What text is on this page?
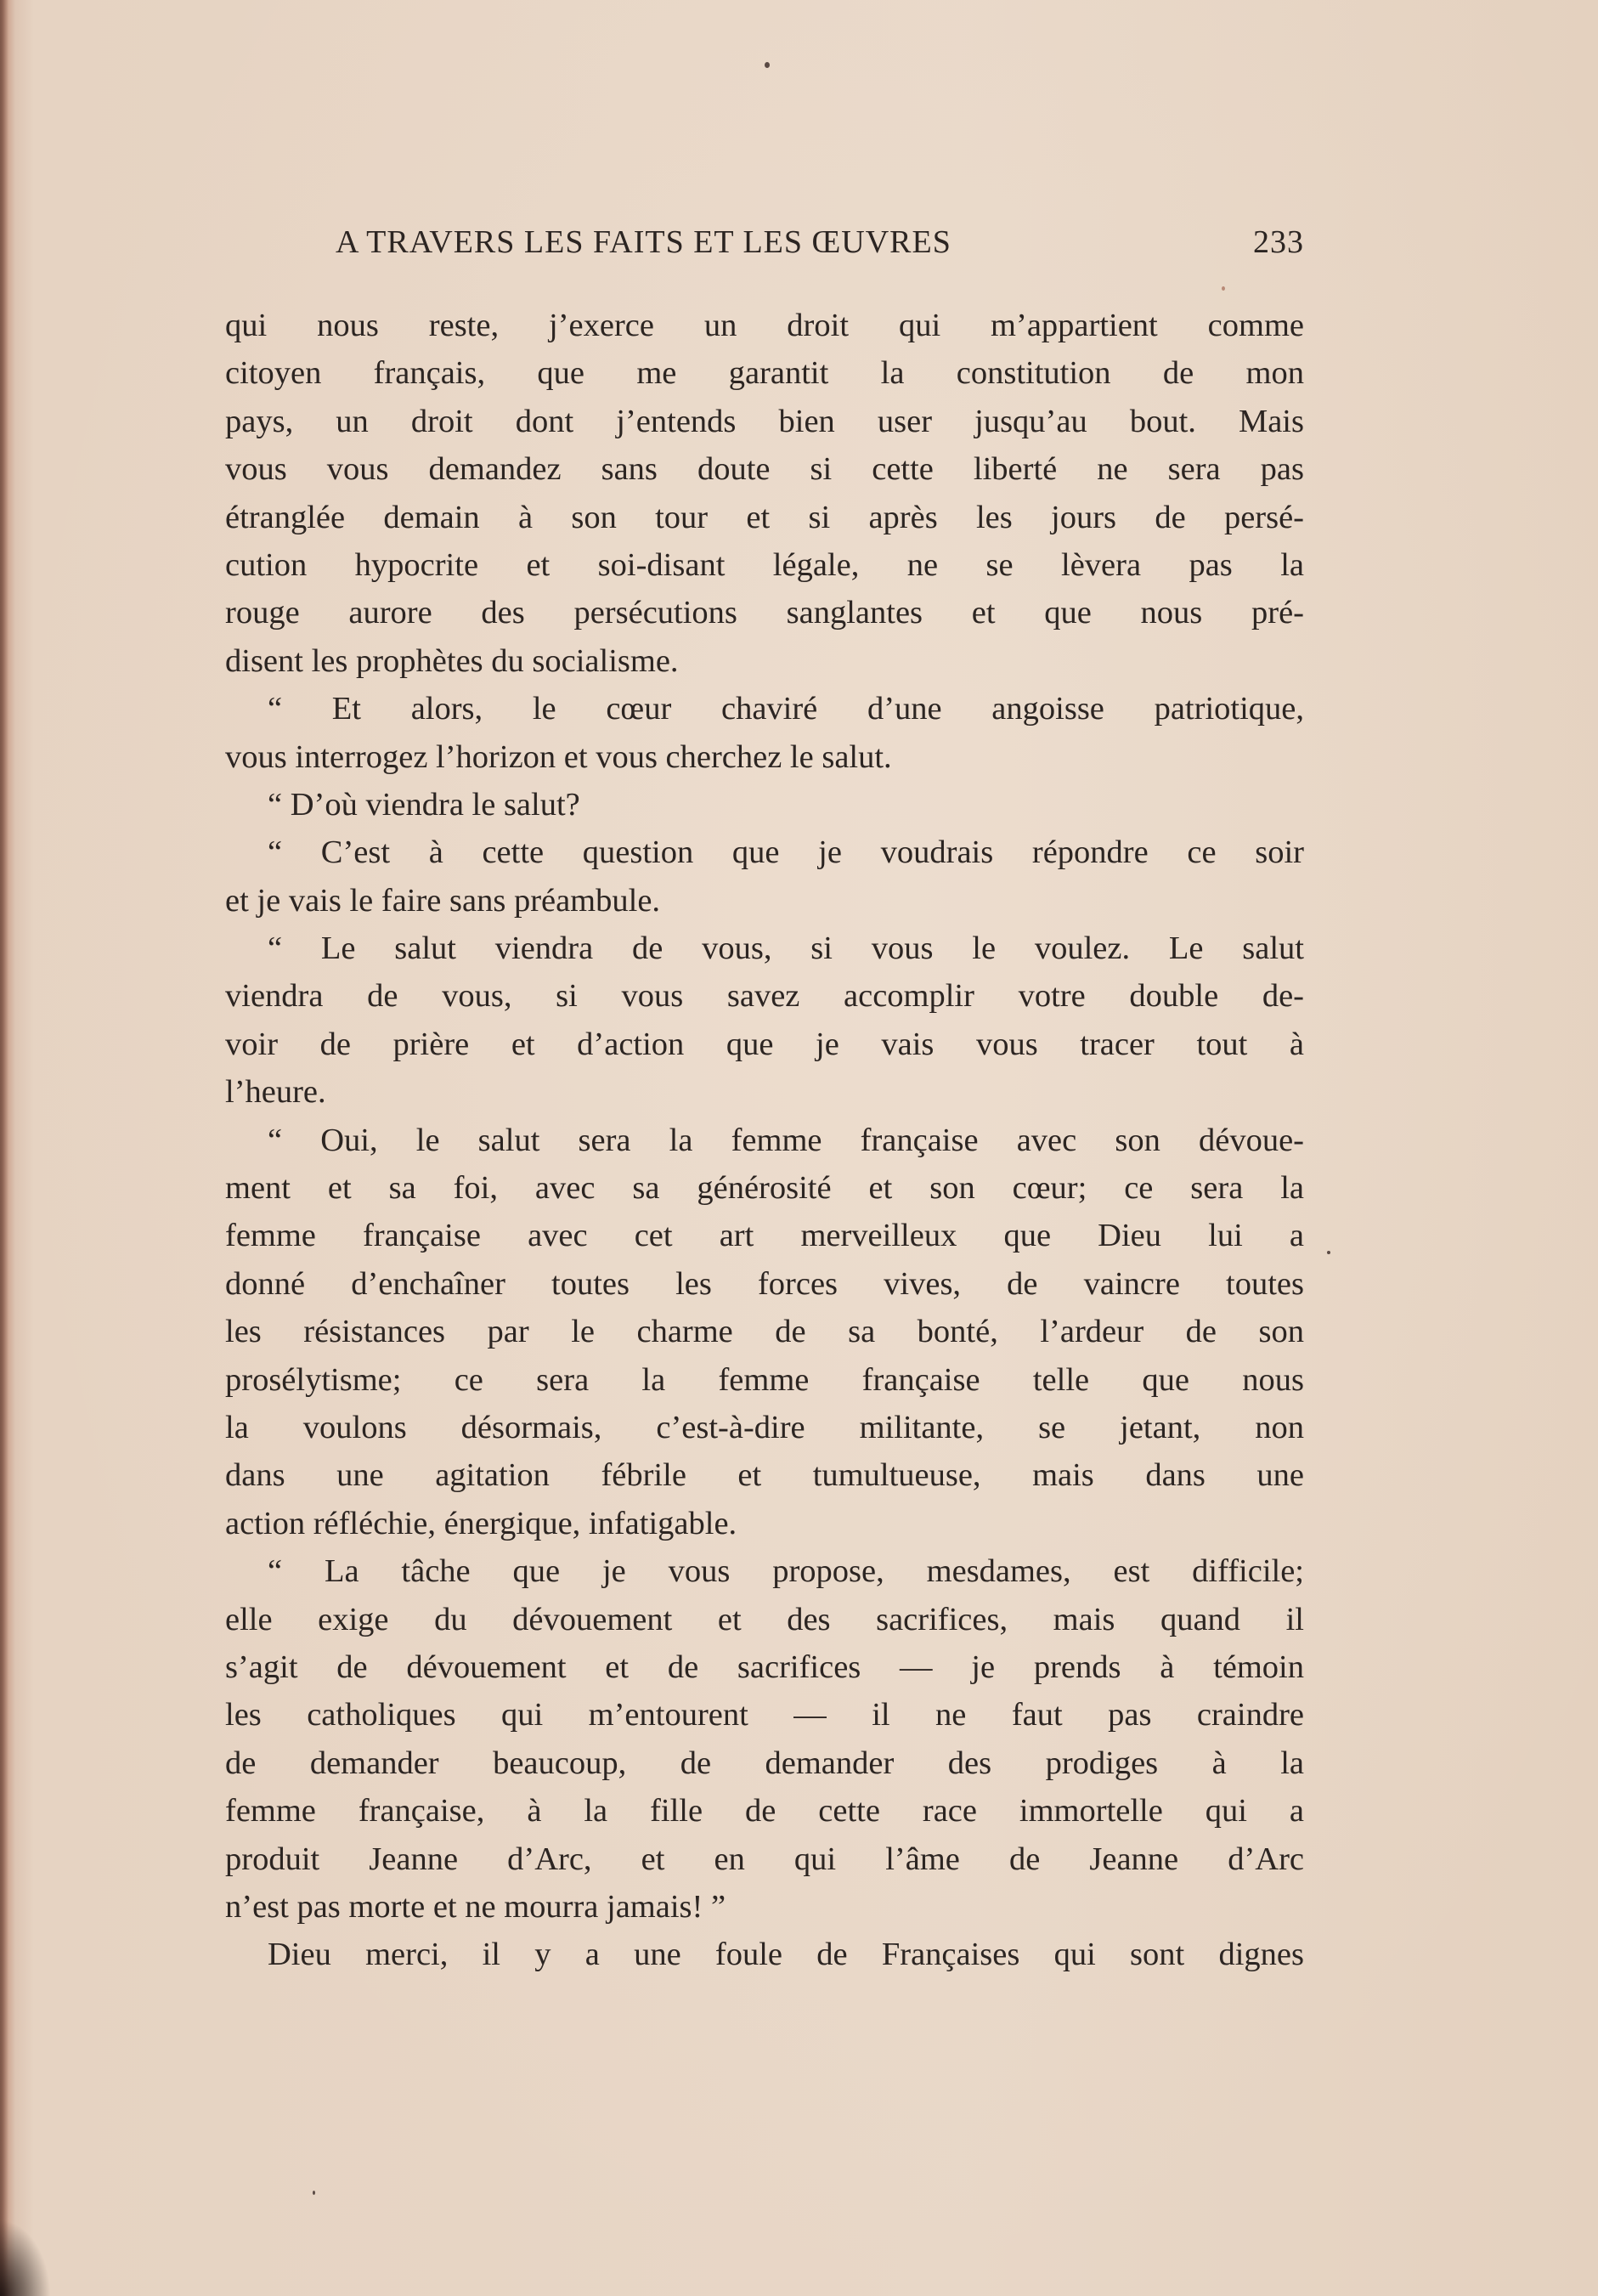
A TRAVERS LES FAITS ET LES ŒUVRES	233
qui nous reste, j’exerce un droit qui m’appartient comme
citoyen français, que me garantit la constitution de mon
pays, un droit dont j’entends bien user jusqu’au bout. Mais
vous vous demandez sans doute si cette liberté ne sera pas
étranglée demain à son tour et si après les jours de persé-
cution hypocrite et soi-disant légale, ne se lèvera pas la
rouge aurore des persécutions sanglantes et que nous pré-
disent les prophètes du socialisme.
“ Et alors, le cœur chaviré d’une angoisse patriotique,
vous interrogez l’horizon et vous cherchez le salut.
“ D’où viendra le salut?
“ C’est à cette question que je voudrais répondre ce soir
et je vais le faire sans préambule.
“ Le salut viendra de vous, si vous le voulez. Le salut
viendra de vous, si vous savez accomplir votre double de-
voir de prière et d’action que je vais vous tracer tout à
l’heure.
“ Oui, le salut sera la femme française avec son dévoue-
ment et sa foi, avec sa générosité et son cœur; ce sera la
femme française avec cet art merveilleux que Dieu lui a
donné d’enchaîner toutes les forces vives, de vaincre toutes
les résistances par le charme de sa bonté, l’ardeur de son
prosélytisme; ce sera la femme française telle que nous
la voulons désormais, c’est-à-dire militante, se jetant, non
dans une agitation fébrile et tumultueuse, mais dans une
action réfléchie, énergique, infatigable.
“ La tâche que je vous propose, mesdames, est difficile;
elle exige du dévouement et des sacrifices, mais quand il
s’agit de dévouement et de sacrifices — je prends à témoin
les catholiques qui m’entourent — il ne faut pas craindre
de demander beaucoup, de demander des prodiges à la
femme française, à la fille de cette race immortelle qui a
produit Jeanne d’Arc, et en qui l’âme de Jeanne d’Arc
n’est pas morte et ne mourra jamais! ”
Dieu merci, il y a une foule de Françaises qui sont dignes
